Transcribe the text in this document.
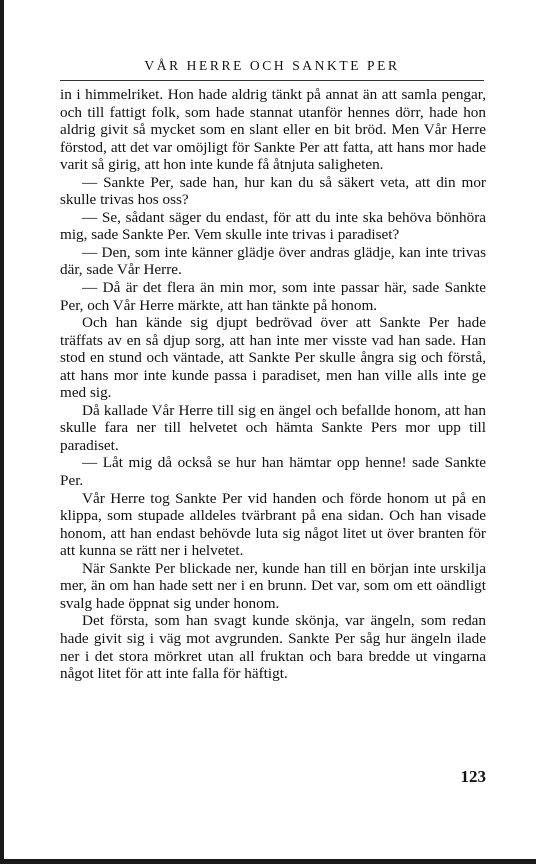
VÅR HERRE OCH SANKTE PER

in i himmelriket. Hon hade aldrig tänkt på annat än att samla pengar, och till fattigt folk, som hade stannat utanför hennes dörr, hade hon aldrig givit så mycket som en slant eller en bit bröd. Men Vår Herre förstod, att det var omöjligt för Sankte Per att fatta, att hans mor hade varit så girig, att hon inte kunde få åtnjuta saligheten.

— Sankte Per, sade han, hur kan du så säkert veta, att din mor skulle trivas hos oss?

— Se, sådant säger du endast, för att du inte ska behöva bönhöra mig, sade Sankte Per. Vem skulle inte trivas i paradiset?

— Den, som inte känner glädje över andras glädje, kan inte trivas där, sade Vår Herre.

— Då är det flera än min mor, som inte passar här, sade Sankte Per, och Vår Herre märkte, att han tänkte på honom.

Och han kände sig djupt bedrövad över att Sankte Per hade träffats av en så djup sorg, att han inte mer visste vad han sade. Han stod en stund och väntade, att Sankte Per skulle ångra sig och förstå, att hans mor inte kunde passa i paradiset, men han ville alls inte ge med sig.

Då kallade Vår Herre till sig en ängel och befallde honom, att han skulle fara ner till helvetet och hämta Sankte Pers mor upp till paradiset.

— Låt mig då också se hur han hämtar opp henne! sade Sankte Per.

Vår Herre tog Sankte Per vid handen och förde honom ut på en klippa, som stupade alldeles tvärbrant på ena sidan. Och han visade honom, att han endast behövde luta sig något litet ut över branten för att kunna se rätt ner i helvetet.

När Sankte Per blickade ner, kunde han till en början inte urskilja mer, än om han hade sett ner i en brunn. Det var, som om ett oändligt svalg hade öppnat sig under honom.

Det första, som han svagt kunde skönja, var ängeln, som redan hade givit sig i väg mot avgrunden. Sankte Per såg hur ängeln ilade ner i det stora mörkret utan all fruktan och bara bredde ut vingarna något litet för att inte falla för häftigt.

123
